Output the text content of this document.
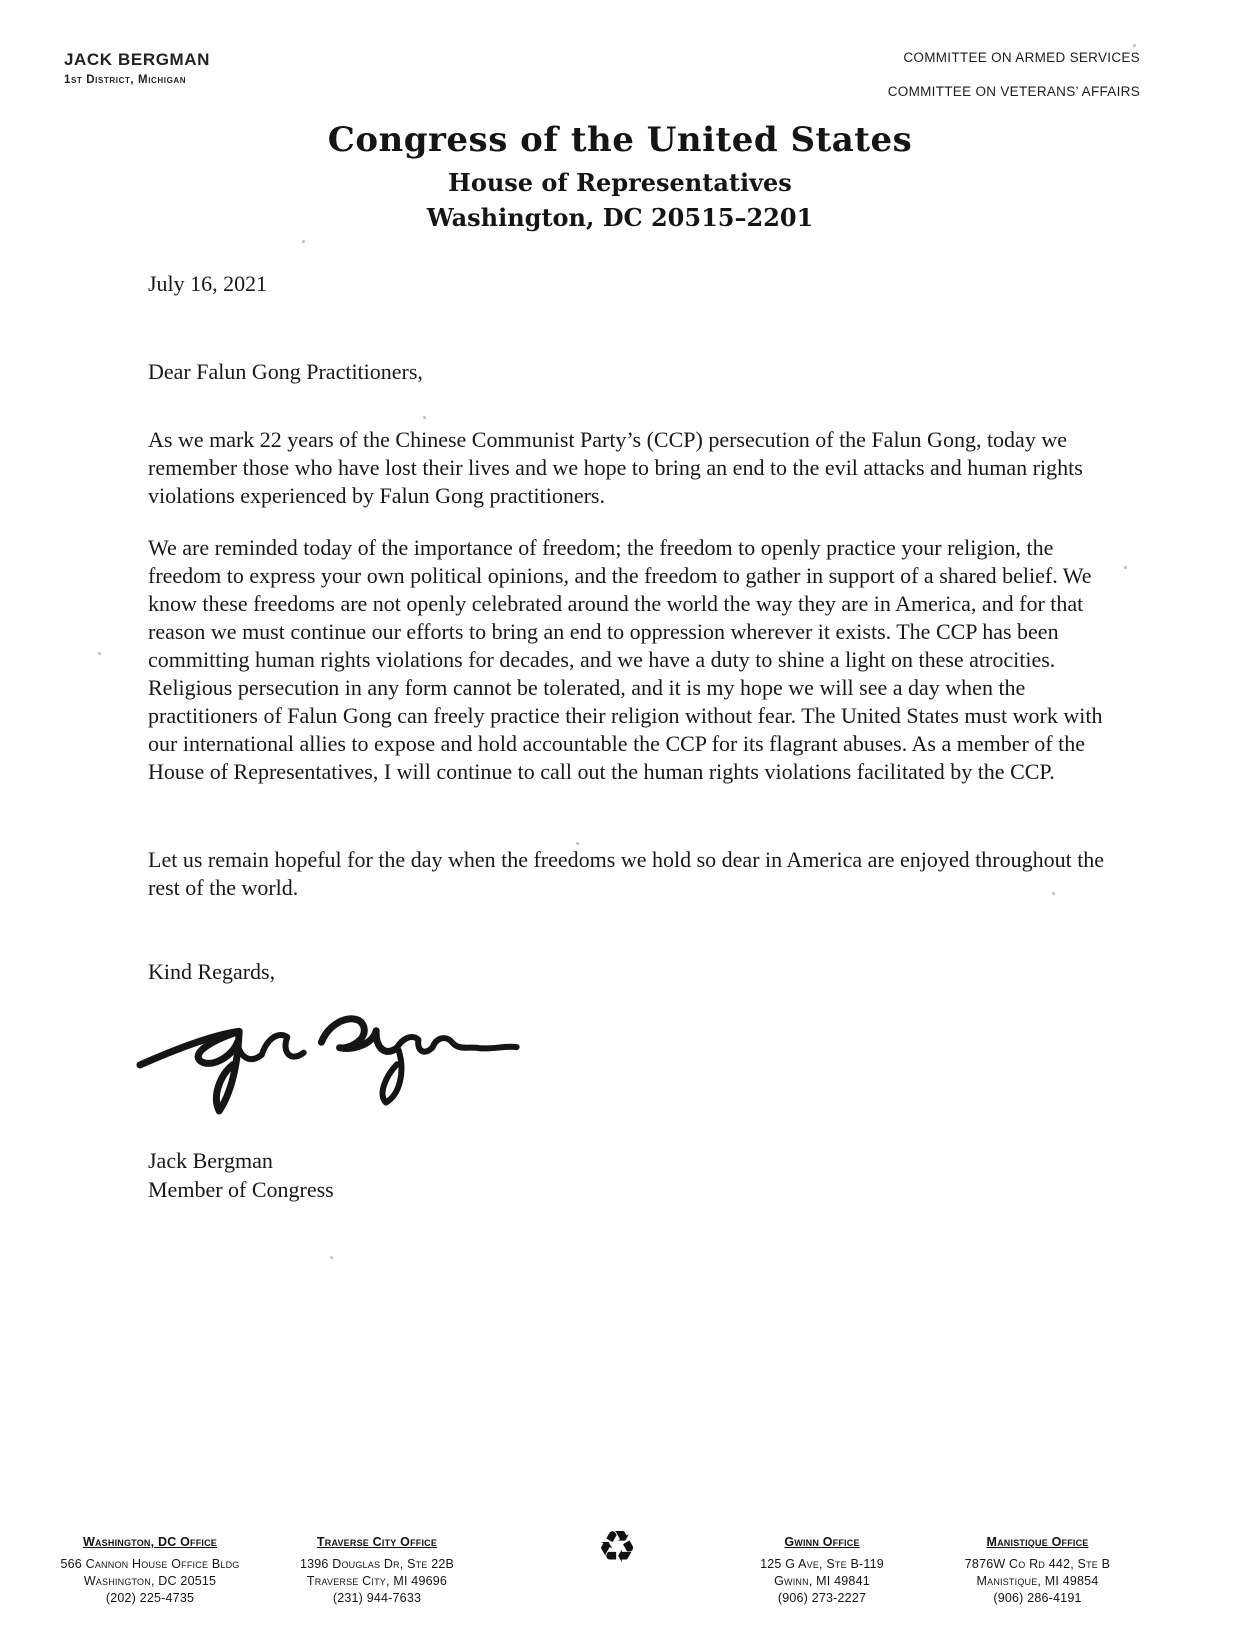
JACK BERGMAN
1st District, Michigan
COMMITTEE ON ARMED SERVICES
COMMITTEE ON VETERANS’ AFFAIRS
Congress of the United States
House of Representatives
Washington, DC 20515–2201
July 16, 2021
Dear Falun Gong Practitioners,
As we mark 22 years of the Chinese Communist Party’s (CCP) persecution of the Falun Gong, today we remember those who have lost their lives and we hope to bring an end to the evil attacks and human rights violations experienced by Falun Gong practitioners.
We are reminded today of the importance of freedom; the freedom to openly practice your religion, the freedom to express your own political opinions, and the freedom to gather in support of a shared belief. We know these freedoms are not openly celebrated around the world the way they are in America, and for that reason we must continue our efforts to bring an end to oppression wherever it exists. The CCP has been committing human rights violations for decades, and we have a duty to shine a light on these atrocities. Religious persecution in any form cannot be tolerated, and it is my hope we will see a day when the practitioners of Falun Gong can freely practice their religion without fear. The United States must work with our international allies to expose and hold accountable the CCP for its flagrant abuses. As a member of the House of Representatives, I will continue to call out the human rights violations facilitated by the CCP.
Let us remain hopeful for the day when the freedoms we hold so dear in America are enjoyed throughout the rest of the world.
Kind Regards,
Jack Bergman
Member of Congress
Washington, DC Office
566 Cannon House Office Bldg
Washington, DC 20515
(202) 225-4735
Traverse City Office
1396 Douglas Dr, Ste 22B
Traverse City, MI 49696
(231) 944-7633
♻	Gwinn Office
125 G Ave, Ste B-119
Gwinn, MI 49841
(906) 273-2227
Manistique Office
7876W Co Rd 442, Ste B
Manistique, MI 49854
(906) 286-4191
